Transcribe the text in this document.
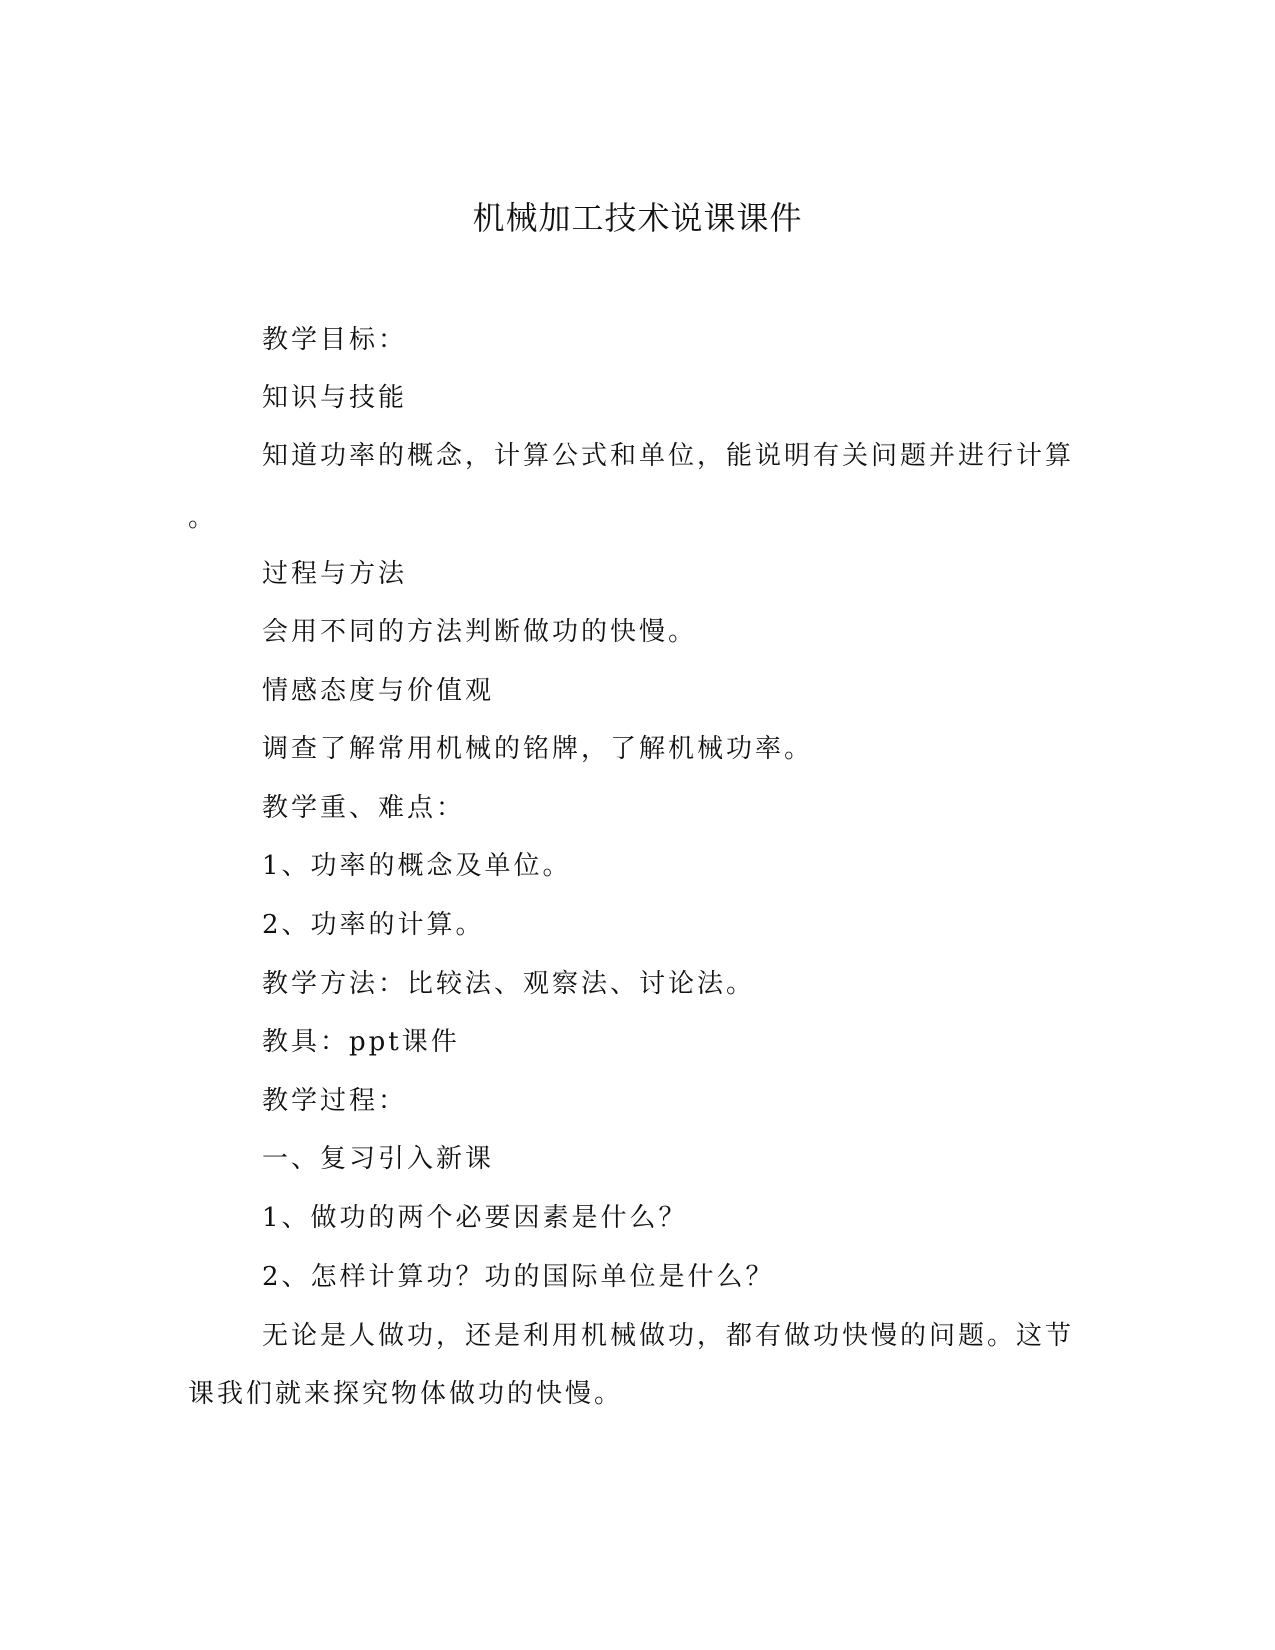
机械加工技术说课课件

教学目标：

知识与技能

知道功率的概念，计算公式和单位，能说明有关问题并进行计算

。

过程与方法

会用不同的方法判断做功的快慢。

情感态度与价值观

调查了解常用机械的铭牌，了解机械功率。

教学重、难点：

1、功率的概念及单位。

2、功率的计算。

教学方法：比较法、观察法、讨论法。

教具：ppt课件

教学过程：

一、复习引入新课

1、做功的两个必要因素是什么？

2、怎样计算功？功的国际单位是什么？

无论是人做功，还是利用机械做功，都有做功快慢的问题。这节

课我们就来探究物体做功的快慢。
